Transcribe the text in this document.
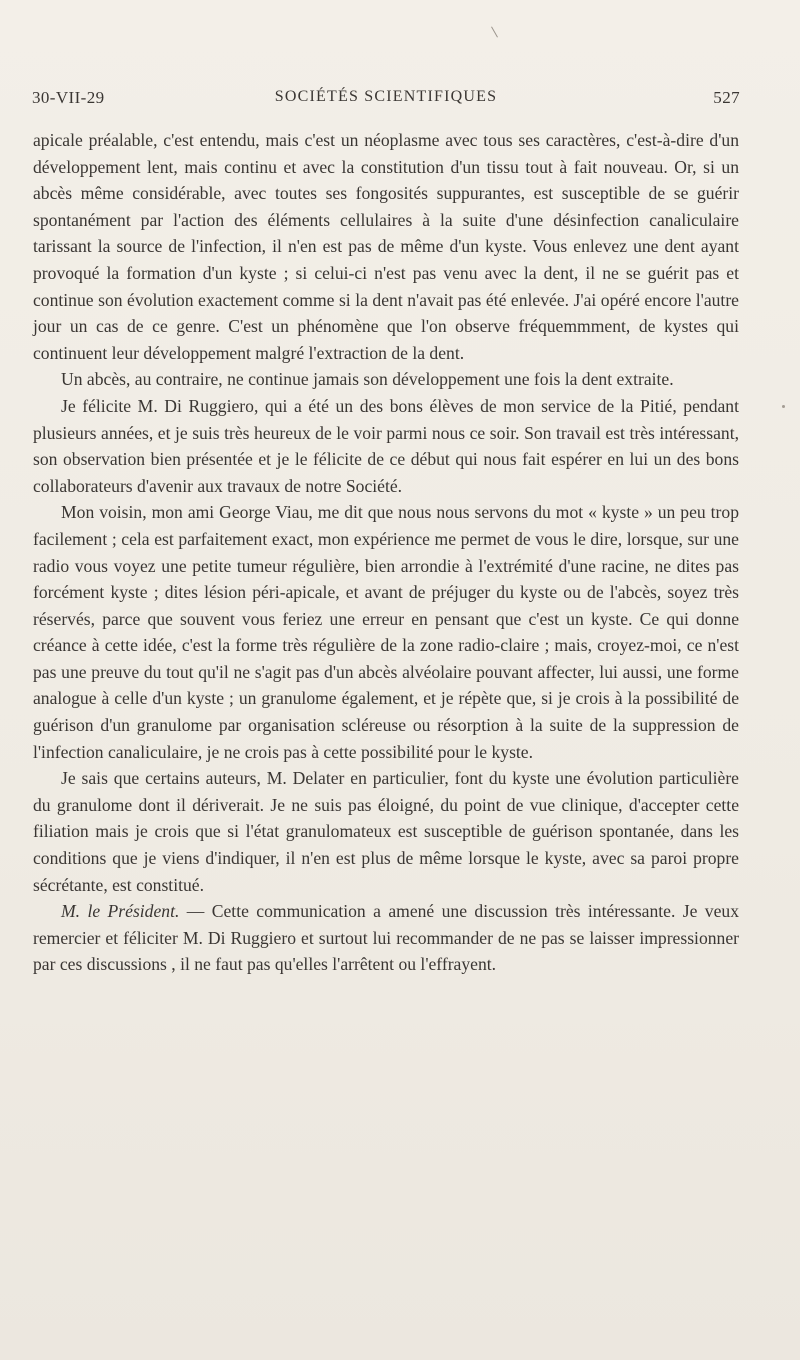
SOCIÉTÉS SCIENTIFIQUES
30-VII-29	527

apicale préalable, c'est entendu, mais c'est un néoplasme avec tous ses caractères, c'est-à-dire d'un développement lent, mais continu et avec la constitution d'un tissu tout à fait nouveau. Or, si un abcès même considérable, avec toutes ses fongosités suppurantes, est susceptible de se guérir spontanément par l'action des éléments cellulaires à la suite d'une désinfection canaliculaire tarissant la source de l'infection, il n'en est pas de même d'un kyste. Vous enlevez une dent ayant provoqué la formation d'un kyste ; si celui-ci n'est pas venu avec la dent, il ne se guérit pas et continue son évolution exactement comme si la dent n'avait pas été enlevée. J'ai opéré encore l'autre jour un cas de ce genre. C'est un phénomène que l'on observe fréquemmment, de kystes qui continuent leur développement malgré l'extraction de la dent.

Un abcès, au contraire, ne continue jamais son développement une fois la dent extraite.

Je félicite M. Di Ruggiero, qui a été un des bons élèves de mon service de la Pitié, pendant plusieurs années, et je suis très heureux de le voir parmi nous ce soir. Son travail est très intéressant, son observation bien présentée et je le félicite de ce début qui nous fait espérer en lui un des bons collaborateurs d'avenir aux travaux de notre Société.

Mon voisin, mon ami George Viau, me dit que nous nous servons du mot « kyste » un peu trop facilement ; cela est parfaitement exact, mon expérience me permet de vous le dire, lorsque, sur une radio vous voyez une petite tumeur régulière, bien arrondie à l'extrémité d'une racine, ne dites pas forcément kyste ; dites lésion péri-apicale, et avant de préjuger du kyste ou de l'abcès, soyez très réservés, parce que souvent vous feriez une erreur en pensant que c'est un kyste. Ce qui donne créance à cette idée, c'est la forme très régulière de la zone radio-claire ; mais, croyez-moi, ce n'est pas une preuve du tout qu'il ne s'agit pas d'un abcès alvéolaire pouvant affecter, lui aussi, une forme analogue à celle d'un kyste ; un granulome également, et je répète que, si je crois à la possibilité de guérison d'un granulome par organisation scléreuse ou résorption à la suite de la suppression de l'infection canaliculaire, je ne crois pas à cette possibilité pour le kyste.

Je sais que certains auteurs, M. Delater en particulier, font du kyste une évolution particulière du granulome dont il dériverait. Je ne suis pas éloigné, du point de vue clinique, d'accepter cette filiation mais je crois que si l'état granulomateux est susceptible de guérison spontanée, dans les conditions que je viens d'indiquer, il n'en est plus de même lorsque le kyste, avec sa paroi propre sécrétante, est constitué.

M. le Président. — Cette communication a amené une discussion très intéressante. Je veux remercier et féliciter M. Di Ruggiero et surtout lui recommander de ne pas se laisser impressionner par ces discussions , il ne faut pas qu'elles l'arrêtent ou l'effrayent.
